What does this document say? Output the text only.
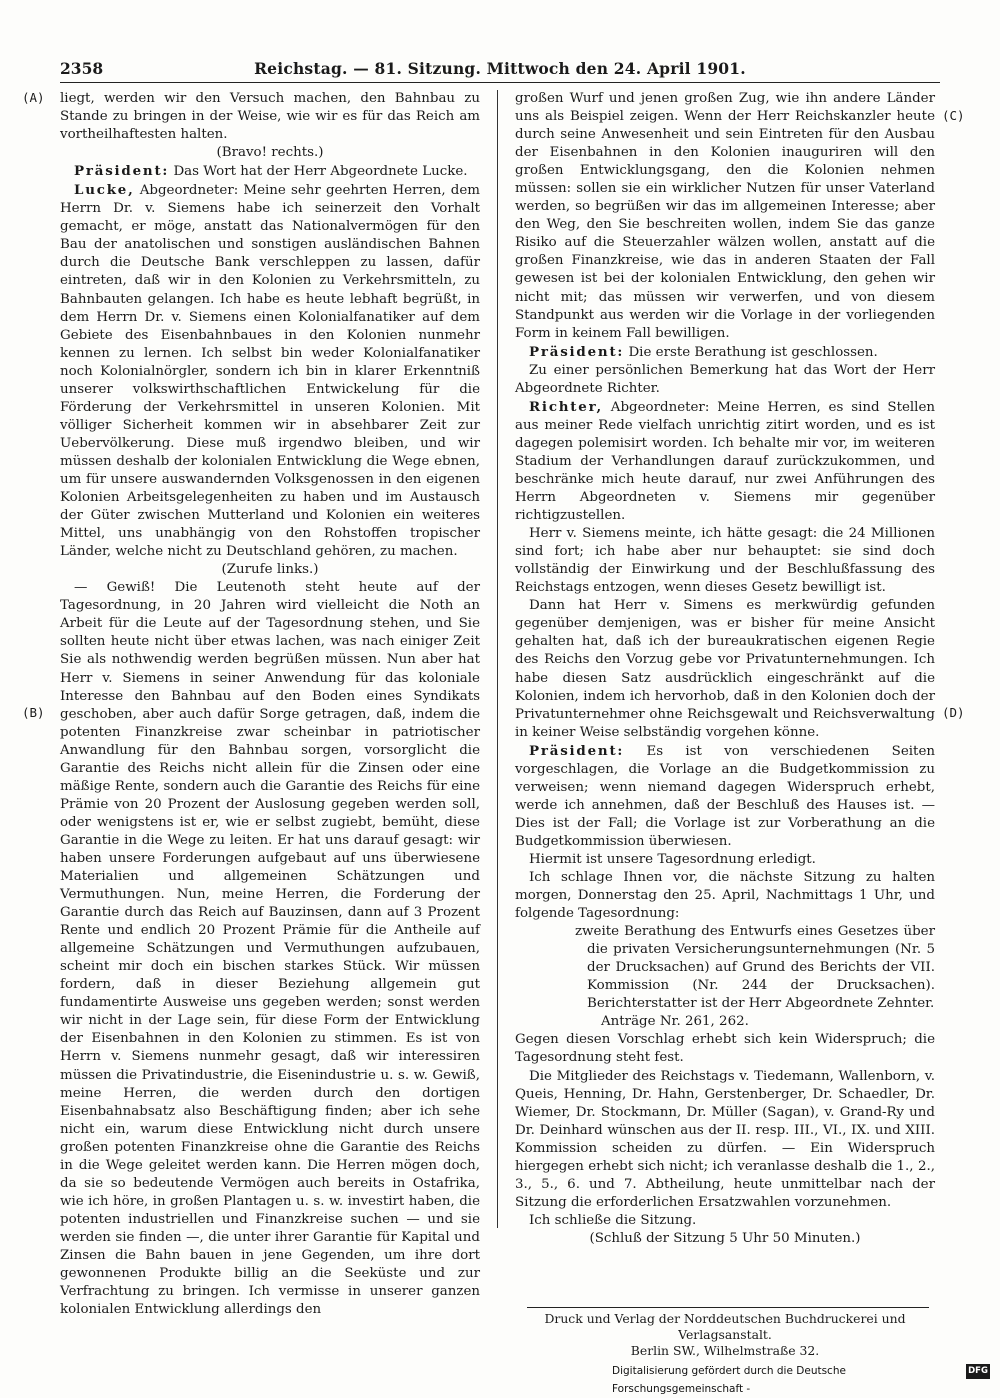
2358	Reichstag. — 81. Sitzung. Mittwoch den 24. April 1901.
(A)
(B)
(C)
(D)

liegt, werden wir den Versuch machen, den Bahnbau zu Stande zu bringen in der Weise, wie wir es für das Reich am vortheilhaftesten halten.

(Bravo! rechts.)

Präsident: Das Wort hat der Herr Abgeordnete Lucke.

Lucke, Abgeordneter: Meine sehr geehrten Herren, dem Herrn Dr. v. Siemens habe ich seinerzeit den Vorhalt gemacht, er möge, anstatt das Nationalvermögen für den Bau der anatolischen und sonstigen ausländischen Bahnen durch die Deutsche Bank verschleppen zu lassen, dafür eintreten, daß wir in den Kolonien zu Verkehrsmitteln, zu Bahnbauten gelangen. Ich habe es heute lebhaft begrüßt, in dem Herrn Dr. v. Siemens einen Kolonialfanatiker auf dem Gebiete des Eisenbahnbaues in den Kolonien nunmehr kennen zu lernen. Ich selbst bin weder Kolonialfanatiker noch Kolonialnörgler, sondern ich bin in klarer Erkenntniß unserer volkswirthschaftlichen Entwickelung für die Förderung der Verkehrsmittel in unseren Kolonien. Mit völliger Sicherheit kommen wir in absehbarer Zeit zur Uebervölkerung. Diese muß irgendwo bleiben, und wir müssen deshalb der kolonialen Entwicklung die Wege ebnen, um für unsere auswandernden Volksgenossen in den eigenen Kolonien Arbeitsgelegenheiten zu haben und im Austausch der Güter zwischen Mutterland und Kolonien ein weiteres Mittel, uns unabhängig von den Rohstoffen tropischer Länder, welche nicht zu Deutschland gehören, zu machen.

(Zurufe links.)

— Gewiß! Die Leutenoth steht heute auf der Tagesordnung, in 20 Jahren wird vielleicht die Noth an Arbeit für die Leute auf der Tagesordnung stehen, und Sie sollten heute nicht über etwas lachen, was nach einiger Zeit Sie als nothwendig werden begrüßen müssen. Nun aber hat Herr v. Siemens in seiner Anwendung für das koloniale Interesse den Bahnbau auf den Boden eines Syndikats geschoben, aber auch dafür Sorge getragen, daß, indem die potenten Finanzkreise zwar scheinbar in patriotischer Anwandlung für den Bahnbau sorgen, vorsorglicht die Garantie des Reichs nicht allein für die Zinsen oder eine mäßige Rente, sondern auch die Garantie des Reichs für eine Prämie von 20 Prozent der Auslosung gegeben werden soll, oder wenigstens ist er, wie er selbst zugiebt, bemüht, diese Garantie in die Wege zu leiten. Er hat uns darauf gesagt: wir haben unsere Forderungen aufgebaut auf uns überwiesene Materialien und allgemeinen Schätzungen und Vermuthungen. Nun, meine Herren, die Forderung der Garantie durch das Reich auf Bauzinsen, dann auf 3 Prozent Rente und endlich 20 Prozent Prämie für die Antheile auf allgemeine Schätzungen und Vermuthungen aufzubauen, scheint mir doch ein bischen starkes Stück. Wir müssen fordern, daß in dieser Beziehung allgemein gut fundamentirte Ausweise uns gegeben werden; sonst werden wir nicht in der Lage sein, für diese Form der Entwicklung der Eisenbahnen in den Kolonien zu stimmen. Es ist von Herrn v. Siemens nunmehr gesagt, daß wir interessiren müssen die Privatindustrie, die Eisenindustrie u. s. w. Gewiß, meine Herren, die werden durch den dortigen Eisenbahnabsatz also Beschäftigung finden; aber ich sehe nicht ein, warum diese Entwicklung nicht durch unsere großen potenten Finanzkreise ohne die Garantie des Reichs in die Wege geleitet werden kann. Die Herren mögen doch, da sie so bedeutende Vermögen auch bereits in Ostafrika, wie ich höre, in großen Plantagen u. s. w. investirt haben, die potenten industriellen und Finanzkreise suchen — und sie werden sie finden —, die unter ihrer Garantie für Kapital und Zinsen die Bahn bauen in jene Gegenden, um ihre dort gewonnenen Produkte billig an die Seeküste und zur Verfrachtung zu bringen. Ich vermisse in unserer ganzen kolonialen Entwicklung allerdings den

großen Wurf und jenen großen Zug, wie ihn andere Länder uns als Beispiel zeigen. Wenn der Herr Reichskanzler heute durch seine Anwesenheit und sein Eintreten für den Ausbau der Eisenbahnen in den Kolonien inauguriren will den großen Entwicklungsgang, den die Kolonien nehmen müssen: sollen sie ein wirklicher Nutzen für unser Vaterland werden, so begrüßen wir das im allgemeinen Interesse; aber den Weg, den Sie beschreiten wollen, indem Sie das ganze Risiko auf die Steuerzahler wälzen wollen, anstatt auf die großen Finanzkreise, wie das in anderen Staaten der Fall gewesen ist bei der kolonialen Entwicklung, den gehen wir nicht mit; das müssen wir verwerfen, und von diesem Standpunkt aus werden wir die Vorlage in der vorliegenden Form in keinem Fall bewilligen.

Präsident: Die erste Berathung ist geschlossen.

Zu einer persönlichen Bemerkung hat das Wort der Herr Abgeordnete Richter.

Richter, Abgeordneter: Meine Herren, es sind Stellen aus meiner Rede vielfach unrichtig zitirt worden, und es ist dagegen polemisirt worden. Ich behalte mir vor, im weiteren Stadium der Verhandlungen darauf zurückzukommen, und beschränke mich heute darauf, nur zwei Anführungen des Herrn Abgeordneten v. Siemens mir gegenüber richtigzustellen.

Herr v. Siemens meinte, ich hätte gesagt: die 24 Millionen sind fort; ich habe aber nur behauptet: sie sind doch vollständig der Einwirkung und der Beschlußfassung des Reichstags entzogen, wenn dieses Gesetz bewilligt ist.

Dann hat Herr v. Simens es merkwürdig gefunden gegenüber demjenigen, was er bisher für meine Ansicht gehalten hat, daß ich der bureaukratischen eigenen Regie des Reichs den Vorzug gebe vor Privatunternehmungen. Ich habe diesen Satz ausdrücklich eingeschränkt auf die Kolonien, indem ich hervorhob, daß in den Kolonien doch der Privatunternehmer ohne Reichsgewalt und Reichsverwaltung in keiner Weise selbständig vorgehen könne.

Präsident: Es ist von verschiedenen Seiten vorgeschlagen, die Vorlage an die Budgetkommission zu verweisen; wenn niemand dagegen Widerspruch erhebt, werde ich annehmen, daß der Beschluß des Hauses ist. — Dies ist der Fall; die Vorlage ist zur Vorberathung an die Budgetkommission überwiesen.

Hiermit ist unsere Tagesordnung erledigt.

Ich schlage Ihnen vor, die nächste Sitzung zu halten morgen, Donnerstag den 25. April, Nachmittags 1 Uhr, und folgende Tagesordnung:

zweite Berathung des Entwurfs eines Gesetzes über die privaten Versicherungsunternehmungen (Nr. 5 der Drucksachen) auf Grund des Berichts der VII. Kommission (Nr. 244 der Drucksachen). Berichterstatter ist der Herr Abgeordnete Zehnter.

Anträge Nr. 261, 262.

Gegen diesen Vorschlag erhebt sich kein Widerspruch; die Tagesordnung steht fest.

Die Mitglieder des Reichstags v. Tiedemann, Wallenborn, v. Queis, Henning, Dr. Hahn, Gerstenberger, Dr. Schaedler, Dr. Wiemer, Dr. Stockmann, Dr. Müller (Sagan), v. Grand-Ry und Dr. Deinhard wünschen aus der II. resp. III., VI., IX. und XIII. Kommission scheiden zu dürfen. — Ein Widerspruch hiergegen erhebt sich nicht; ich veranlasse deshalb die 1., 2., 3., 5., 6. und 7. Abtheilung, heute unmittelbar nach der Sitzung die erforderlichen Ersatzwahlen vorzunehmen.

Ich schließe die Sitzung.

(Schluß der Sitzung 5 Uhr 50 Minuten.)

Druck und Verlag der Norddeutschen Buchdruckerei und Verlagsanstalt.
Berlin SW., Wilhelmstraße 32.
Digitalisierung gefördert durch die Deutsche Forschungsgemeinschaft -
DFG
